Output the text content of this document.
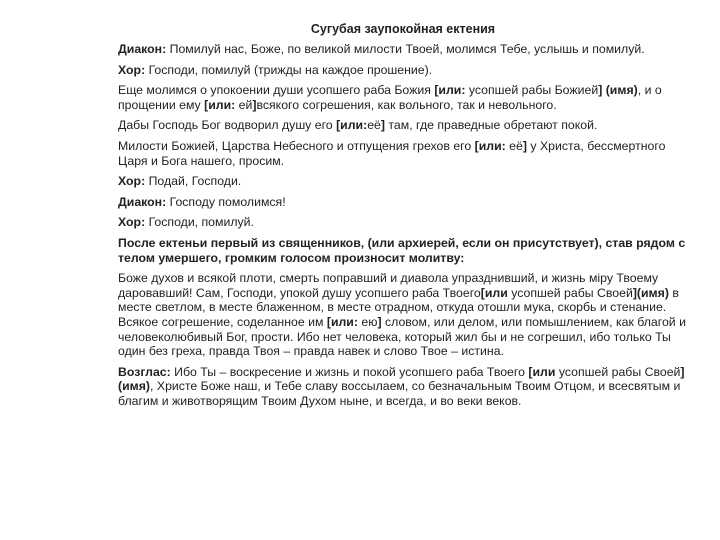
Сугубая заупокойная ектения

Диакон: Помилуй нас, Боже, по великой милости Твоей, молимся Тебе, услышь и помилуй.

Хор: Господи, помилуй (трижды на каждое прошение).

Еще молимся о упокоении души усопшего раба Божия [или: усопшей рабы Божией] (имя), и о прощении ему [или: ей]всякого согрешения, как вольного, так и невольного.

Дабы Господь Бог водворил душу его [или:её] там, где праведные обретают покой.

Милости Божией, Царства Небесного и отпущения грехов его [или: её] у Христа, бессмертного Царя и Бога нашего, просим.

Хор: Подай, Господи.

Диакон: Господу помолимся!

Хор: Господи, помилуй.

После ектеньи первый из священников, (или архиерей, если он присутствует), став рядом с телом умершего, громким голосом произносит молитву:

Боже духов и всякой плоти, смерть поправший и диавола упразднивший, и жизнь міру Твоему даровавший! Сам, Господи, упокой душу усопшего раба Твоего[или усопшей рабы Своей](имя) в месте светлом, в месте блаженном, в месте отрадном, откуда отошли мука, скорбь и стенание. Всякое согрешение, соделанное им [или: ею] словом, или делом, или помышлением, как благой и человеколюбивый Бог, прости. Ибо нет человека, который жил бы и не согрешил, ибо только Ты один без греха, правда Твоя – правда навек и слово Твое – истина.

Возглас: Ибо Ты – воскресение и жизнь и покой усопшего раба Твоего [или усопшей рабы Своей] (имя), Христе Боже наш, и Тебе славу воссылаем, со безначальным Твоим Отцом, и всесвятым и благим и животворящим Твоим Духом ныне, и всегда, и во веки веков.
